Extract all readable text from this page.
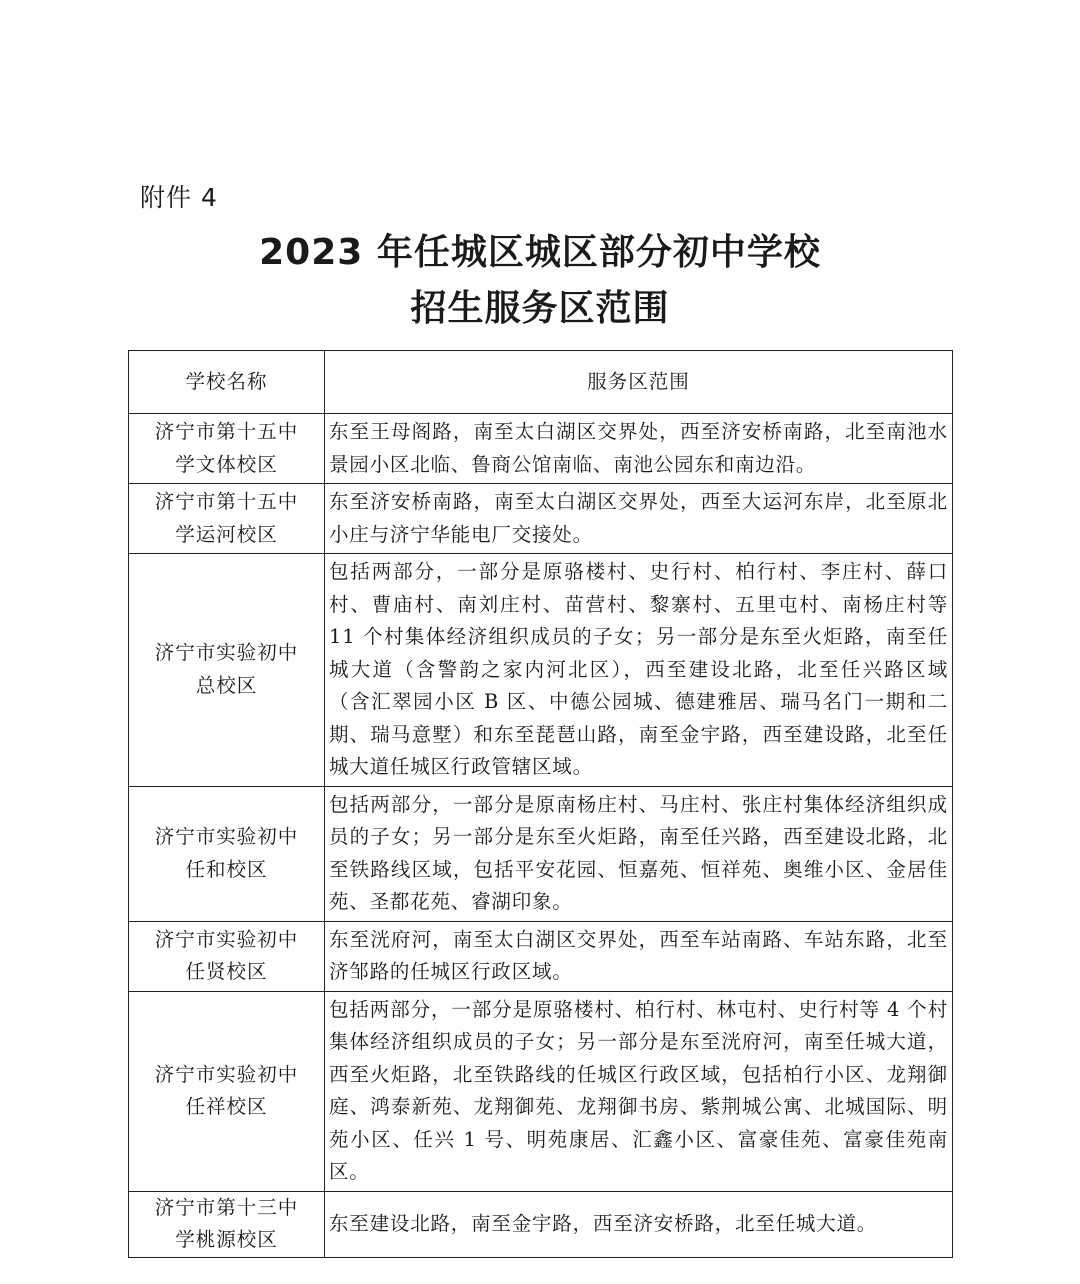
附件 4
2023 年任城区城区部分初中学校
招生服务区范围
学校名称	服务区范围
济宁市第十五中学文体校区	东至王母阁路，南至太白湖区交界处，西至济安桥南路，北至南池水景园小区北临、鲁商公馆南临、南池公园东和南边沿。
济宁市第十五中学运河校区	东至济安桥南路，南至太白湖区交界处，西至大运河东岸，北至原北小庄与济宁华能电厂交接处。
济宁市实验初中总校区	包括两部分，一部分是原骆楼村、史行村、柏行村、李庄村、薛口村、曹庙村、南刘庄村、苗营村、黎寨村、五里屯村、南杨庄村等 11 个村集体经济组织成员的子女；另一部分是东至火炬路，南至任城大道（含警韵之家内河北区），西至建设北路，北至任兴路区域（含汇翠园小区 B 区、中德公园城、德建雅居、瑞马名门一期和二期、瑞马意墅）和东至琵琶山路，南至金宇路，西至建设路，北至任城大道任城区行政管辖区域。
济宁市实验初中任和校区	包括两部分，一部分是原南杨庄村、马庄村、张庄村集体经济组织成员的子女；另一部分是东至火炬路，南至任兴路，西至建设北路，北至铁路线区域，包括平安花园、恒嘉苑、恒祥苑、奥维小区、金居佳苑、圣都花苑、睿湖印象。
济宁市实验初中任贤校区	东至洸府河，南至太白湖区交界处，西至车站南路、车站东路，北至济邹路的任城区行政区域。
济宁市实验初中任祥校区	包括两部分，一部分是原骆楼村、柏行村、林屯村、史行村等 4 个村集体经济组织成员的子女；另一部分是东至洸府河，南至任城大道，西至火炬路，北至铁路线的任城区行政区域，包括柏行小区、龙翔御庭、鸿泰新苑、龙翔御苑、龙翔御书房、紫荆城公寓、北城国际、明苑小区、任兴 1 号、明苑康居、汇鑫小区、富豪佳苑、富豪佳苑南区。
济宁市第十三中学桃源校区	东至建设北路，南至金宇路，西至济安桥路，北至任城大道。
